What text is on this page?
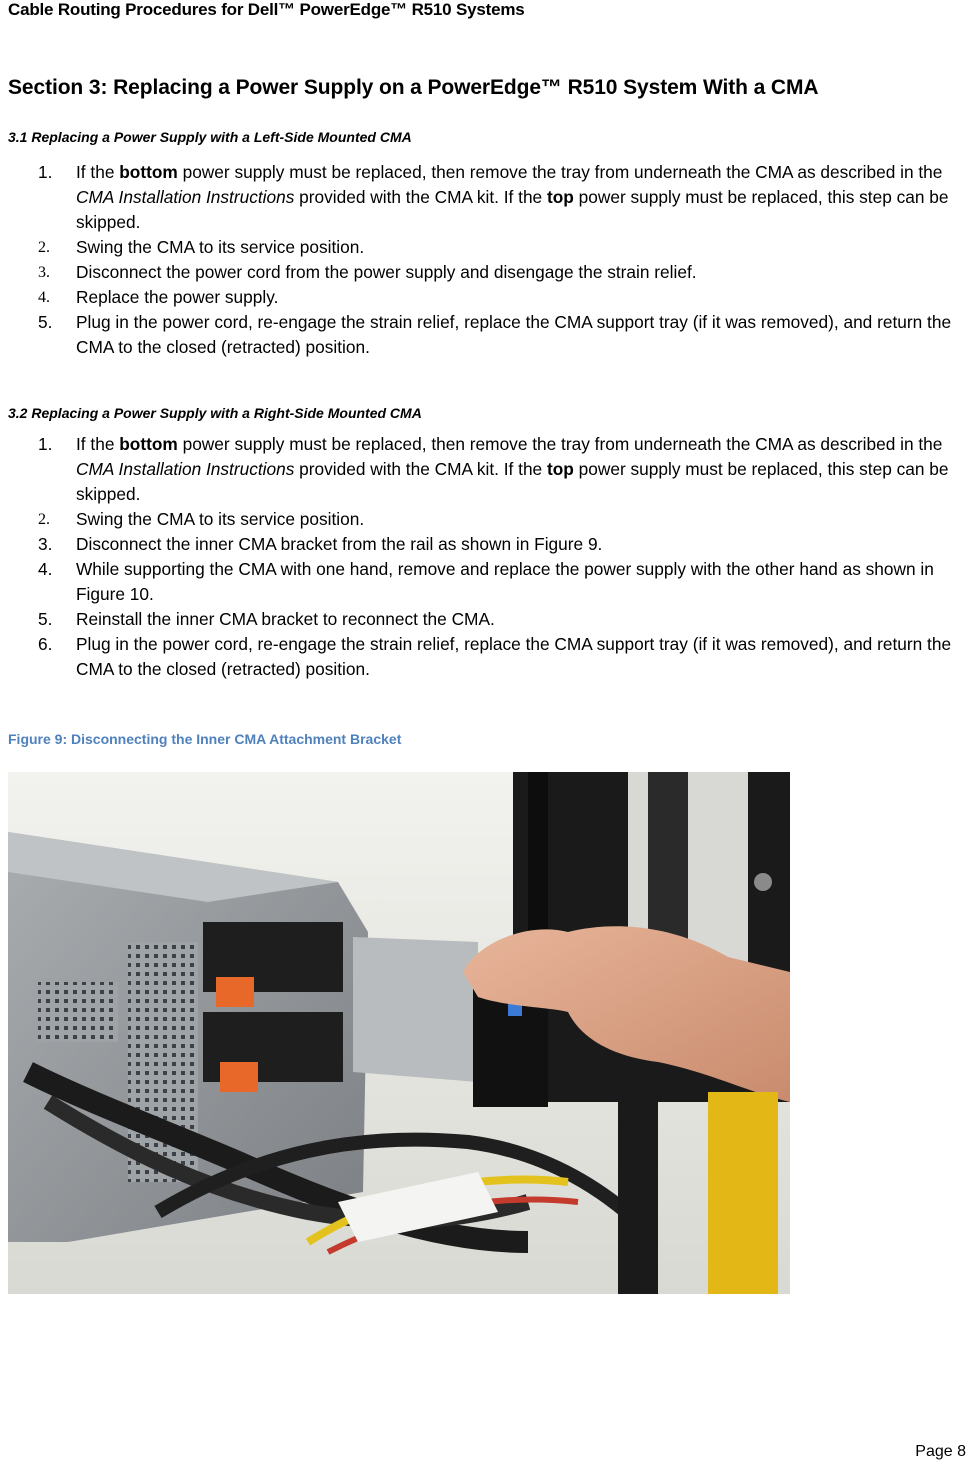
Cable Routing Procedures for Dell™ PowerEdge™ R510 Systems
Section 3: Replacing a Power Supply on a PowerEdge™ R510 System With a CMA
3.1 Replacing a Power Supply with a Left-Side Mounted CMA
1. If the bottom power supply must be replaced, then remove the tray from underneath the CMA as described in the CMA Installation Instructions provided with the CMA kit. If the top power supply must be replaced, this step can be skipped.
2. Swing the CMA to its service position.
3. Disconnect the power cord from the power supply and disengage the strain relief.
4. Replace the power supply.
5. Plug in the power cord, re-engage the strain relief, replace the CMA support tray (if it was removed), and return the CMA to the closed (retracted) position.
3.2 Replacing a Power Supply with a Right-Side Mounted CMA
1. If the bottom power supply must be replaced, then remove the tray from underneath the CMA as described in the CMA Installation Instructions provided with the CMA kit. If the top power supply must be replaced, this step can be skipped.
2. Swing the CMA to its service position.
3. Disconnect the inner CMA bracket from the rail as shown in Figure 9.
4. While supporting the CMA with one hand, remove and replace the power supply with the other hand as shown in Figure 10.
5. Reinstall the inner CMA bracket to reconnect the CMA.
6. Plug in the power cord, re-engage the strain relief, replace the CMA support tray (if it was removed), and return the CMA to the closed (retracted) position.
Figure 9: Disconnecting the Inner CMA Attachment Bracket
Page 8
